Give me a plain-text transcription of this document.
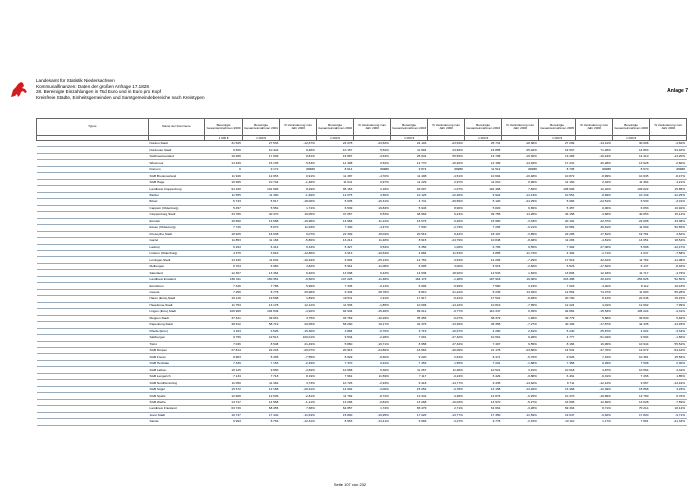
Landesamt für Statistik Niedersachsen
Kommunalfinanzen: Daten der großen Anfrage 17.1828
28. Bereinigte Einzahlungen in Tsd Euro und in Euro pro Kopf
Kreisfreie Städte, Einheitsgemeinden und Samtgemeindebereiche nach Kreistypen
Anlage 7
Typus	Name der Kommune	Bereinigte Gesamteinnahmen 2000	Bereinigte Gesamteinnahmen 2001	% Veränderung zum Jahr 2000	Bereinigte Gesamteinnahmen 2002	% Veränderung zum Jahr 2000	Bereinigte Gesamteinnahmen 2003	% Veränderung zum Jahr 2000	Bereinigte Gesamteinnahmen 2004	% Veränderung zum Jahr 2000	Bereinigte Gesamteinnahmen 2005	% Veränderung zum Jahr 2000	Bereinigte Gesamteinnahmen 2006	% Veränderung zum Jahr 2000
		1 000 €	1 000 €		1 000 €		1 000 €		1 000 €		1 000 €		1 000 €	
	Norden,Stadt	31 525	27 533	-12,67%	24 078	-23,62%	24 103	-23,54%	25 731	-18,38%	27 299	-13,41%	30 006	-4,82%
	Nordenau,Stadt	9 626	10 442	8,48%	10 157	5,52%	11 894	23,56%	15 885	65,02%	16 507	71,48%	14 863	54,40%
	Südbrookmerland	16 486	17 939	8,81%	15 887	-3,63%	25 644	55,55%	13 798	-16,30%	13 283	-19,43%	14 310	-13,20%
	Wiesmoor	14 329	15 135	5,63%	14 408	0,52%	12 770	-10,92%	12 189	-14,93%	17 231	20,28%	13 928	-2,80%
	Dornum	0	9 172	#####	8 614	#####	9 874	#####	11 512	#####	8 705	#####	8 570	#####
	SGB Brookmerland	11 946	12 053	0,91%	11 387	-4,70%	11 408	-4,51%	10 694	-10,48%	10 872	-8,99%	10 935	-8,47%
	SGB Hage	10 905	10 744	-1,48%	11 011	0,97%	11 229	2,97%	11 010	0,96%	11 160	2,34%	11 364	4,21%
	Landkreis Cloppenburg	94 106	101 906	8,29%	96 153	2,18%	93 097	-1,07%	101 468	7,82%	105 606	12,22%	109 022	15,85%
	Barßel	11 555	11 360	-1,69%	12 075	4,50%	10 126	-12,36%	9 922	-14,13%	10 551	-8,69%	10 139	-12,25%
	Bösel	6 733	5 517	-18,06%	5 635	-16,31%	4 741	-29,59%	5 100	-24,25%	5 083	-24,51%	6 530	-3,01%
	Cappeln (Oldenburg)	5 457	5 552	1,74%	6 539	19,83%	5 946	8,96%	5 820	6,65%	5 457	0,00%	6 053	10,92%
	Cloppenburg,Stadt	34 786	40 370	16,05%	37 057	6,53%	38 069	9,44%	39 755	14,28%	33 158	-4,68%	40 053	15,14%
	Emstek	16 500	13 698	-16,98%	14 666	-11,12%	16 576	0,46%	15 950	-3,33%	20 191	22,37%	22 008	33,38%
	Essen (Oldenburg)	7 746	8 670	11,93%	7 400	-4,47%	7 530	-2,79%	7 265	-6,21%	10 582	36,61%	11 669	50,65%
	Friesoythe,Stadt	18 925	18 938	0,07%	22 339	18,04%	20 519	8,42%	18 197	-3,85%	22 295	17,81%	19 781	4,52%
	Garrel	11 853	11 166	-5,80%	13 214	11,48%	8 915	-24,79%	10 848	-8,48%	11 283	-4,81%	14 051	18,54%
	Lastrup	6 293	6 314	0,33%	6 327	0,54%	6 356	1,00%	6 705	6,55%	7 992	27,00%	5 508	-12,47%
	Lindern (Oldenburg)	4 379	3 816	-12,86%	3 913	-10,64%	4 884	11,53%	3 865	-11,74%	4 304	-1,71%	4 047	-7,58%
	Löningen,Stadt	13 230	11 842	-10,49%	9 904	-25,14%	12 763	-3,53%	12 266	-7,29%	17 519	32,42%	11 764	-11,08%
	Molbergen	6 704	6 960	3,82%	5 961	-11,08%	6 905	3,00%	6 515	-2,82%	5 523	-17,62%	6 137	-8,46%
	Saterland	12 307	13 464	9,40%	13 098	6,43%	14 636	18,92%	12 533	1,84%	13 806	12,18%	11 717	-4,79%
	Landkreis Emsland	166 311	150 351	-9,60%	147 226	-11,48%	164 176	-1,28%	197 918	19,00%	216 398	30,12%	253 626	52,50%
	Emsbüren	7 346	7 786	5,99%	7 336	-0,14%	6 906	-5,99%	7 580	3,19%	7 023	-4,40%	8 112	10,43%
	Geeste	7 256	8 778	20,98%	9 344	28,78%	8 810	21,42%	8 235	13,49%	12 652	74,37%	11 993	65,28%
	Haren (Ems),Stadt	19 146	19 508	1,89%	19 511	1,91%	17 917	-6,42%	17 522	-8,48%	20 700	8,12%	22 046	15,15%
	Haselünne,Stadt	11 753	13 178	12,12%	11 536	-1,85%	10 096	-14,10%	10 819	-7,95%	12 224	4,01%	12 692	7,99%
	Lingen (Ems),Stadt	109 960	104 549	-4,92%	92 934	-15,48%	99 212	-9,77%	110 347	0,35%	92 881	-15,53%	105 224	-4,31%
	Meppen,Stadt	37 641	39 051	3,75%	33 769	-10,29%	35 355	-6,07%	38 379	1,96%	39 779	5,68%	39 830	5,82%
	Papenburg,Stadt	48 912	58 719	20,05%	58 290	19,17%	42 376	-13,36%	45 355	-7,27%	40 169	-17,87%	42 335	-13,45%
	Rhede (Ems)	4 163	3 526	-15,30%	3 884	-6,70%	3 719	-10,67%	4 280	2,81%	5 240	25,87%	4 024	-3,34%
	Salzbergen	9 756	19 513	100,01%	9 534	-2,28%	7 091	-27,32%	10 661	9,28%	4 777	-51,04%	9 594	-1,66%
	Twist	7 036	8 548	21,49%	5 860	-16,71%	8 958	27,32%	7 497	6,55%	8 166	16,06%	10 944	55,54%
	SGB Dörpen	27 814	22 233	-20,07%	20 915	-24,80%	16 663	-40,09%	21 178	-23,86%	14 531	-47,76%	12 672	-54,44%
	SGB Freren	8 983	8 305	-7,55%	8 929	-0,60%	9 220	2,64%	8 471	-5,70%	9 626	7,16%	10 381	15,56%
	SGB Herzlake	7 339	7 153	-2,45%	7 370	0,42%	7 453	1,55%	7 201	-1,88%	7 358	0,26%	7 508	2,30%
	SGB Lathen	10 125	9 650	-4,69%	10 668	5,36%	11 267	11,28%	10 521	3,91%	10 618	4,87%	10 564	4,34%
	SGB Lengerich	7 134	7 718	8,19%	7 961	11,59%	7 117	-0,24%	6 429	-9,88%	6 491	-9,01%	7 266	1,85%
	SGB Nordhümmling	11 050	11 462	3,73%	10 726	-2,93%	9 418	-14,77%	9 435	-14,62%	9 711	-12,12%	9 567	-13,42%
	SGB Sögel	15 372	12 158	-20,91%	14 902	-3,06%	15 252	-0,78%	13 158	-14,40%	13 468	-12,39%	15 868	3,23%
	SGB Spelle	12 908	12 545	-2,81%	11 782	-8,72%	12 342	-4,38%	12 876	-0,25%	10 470	-18,89%	13 780	6,76%
	SGB Werlte	14 747	14 568	-1,21%	13 296	-9,84%	13 268	-10,03%	13 970	-5,27%	16 605	12,60%	13 628	-7,59%
	Landkreis Friesland	63 749	68 455	7,38%	64 857	1,74%	65 479	2,71%	61 661	-3,28%	69 304	8,71%	70 214	10,14%
	Jever,Stadt	19 737	17 440	-11,64%	15 800	-19,95%	17 020	-13,77%	17 450	-11,59%	19 647	-0,46%	17 820	-9,71%
	Sande	9 993	8 763	-12,31%	8 553	-14,41%	9 666	-3,27%	9 778	-2,15%	10 110	1,17%	7 861	-21,33%
Seite 107 von 232
